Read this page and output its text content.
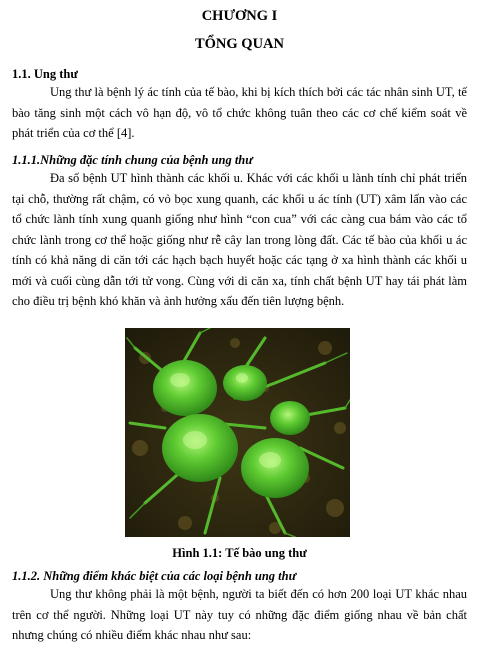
CHƯƠNG I
TỔNG QUAN
1.1. Ung thư
Ung thư là bệnh lý ác tính của tế bào, khi bị kích thích bởi các tác nhân sinh UT, tế bào tăng sinh một cách vô hạn độ, vô tổ chức không tuân theo các cơ chế kiểm soát về phát triển của cơ thể [4].
1.1.1.Những đặc tính chung của bệnh ung thư
Đa số bệnh UT hình thành các khối u. Khác với các khối u lành tính chỉ phát triển tại chỗ, thường rất chậm, có vỏ bọc xung quanh, các khối u ác tính (UT) xâm lấn vào các tổ chức lành tính xung quanh giống như hình “con cua” với các càng cua bám vào các tổ chức lành trong cơ thể hoặc giống như rễ cây lan trong lòng đất. Các tế bào của khối u ác tính có khả năng di căn tới các hạch bạch huyết hoặc các tạng ở xa hình thành các khối u mới và cuối cùng dẫn tới tử vong. Cùng với di căn xa, tính chất bệnh UT hay tái phát làm cho điều trị bệnh khó khăn và ảnh hưởng xấu đến tiên lượng bệnh.
Hình 1.1: Tế bào ung thư
1.1.2. Những điểm khác biệt của các loại bệnh ung thư
Ung thư không phải là một bệnh, người ta biết đến có hơn 200 loại UT khác nhau trên cơ thể người. Những loại UT này tuy có những đặc điểm giống nhau về bản chất nhưng chúng có nhiều điểm khác nhau như sau:
